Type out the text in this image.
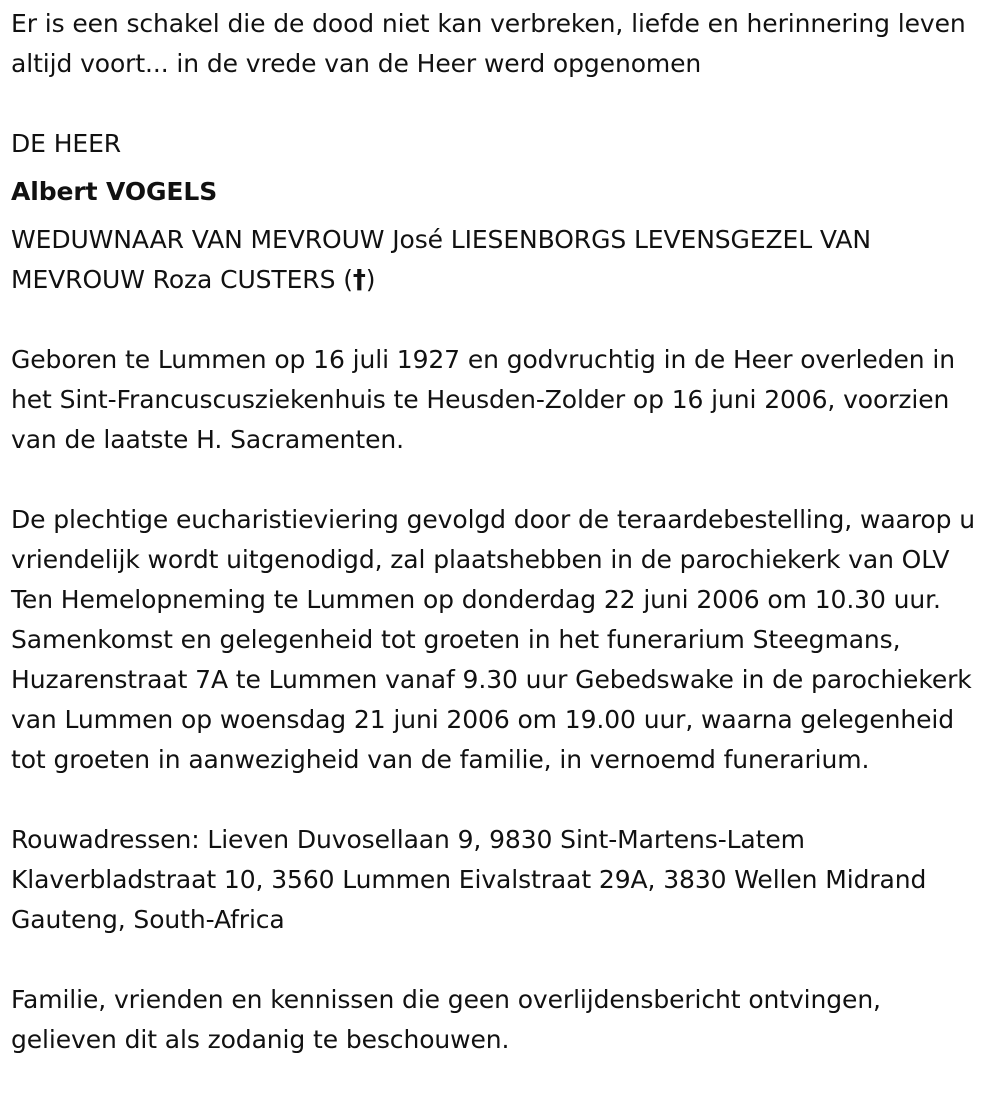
Er is een schakel die de dood niet kan verbreken, liefde en herinnering leven altijd voort... in de vrede van de Heer werd opgenomen

DE HEER

Albert VOGELS

WEDUWNAAR VAN MEVROUW José LIESENBORGS LEVENSGEZEL VAN MEVROUW Roza CUSTERS (†)

Geboren te Lummen op 16 juli 1927 en godvruchtig in de Heer overleden in het Sint-Francuscusziekenhuis te Heusden-Zolder op 16 juni 2006, voorzien van de laatste H. Sacramenten.

De plechtige eucharistieviering gevolgd door de teraardebestelling, waarop u vriendelijk wordt uitgenodigd, zal plaatshebben in de parochiekerk van OLV Ten Hemelopneming te Lummen op donderdag 22 juni 2006 om 10.30 uur. Samenkomst en gelegenheid tot groeten in het funerarium Steegmans, Huzarenstraat 7A te Lummen vanaf 9.30 uur Gebedswake in de parochiekerk van Lummen op woensdag 21 juni 2006 om 19.00 uur, waarna gelegenheid tot groeten in aanwezigheid van de familie, in vernoemd funerarium.

Rouwadressen: Lieven Duvosellaan 9, 9830 Sint-Martens-Latem Klaverbladstraat 10, 3560 Lummen Eivalstraat 29A, 3830 Wellen Midrand Gauteng, South-Africa

Familie, vrienden en kennissen die geen overlijdensbericht ontvingen, gelieven dit als zodanig te beschouwen.
